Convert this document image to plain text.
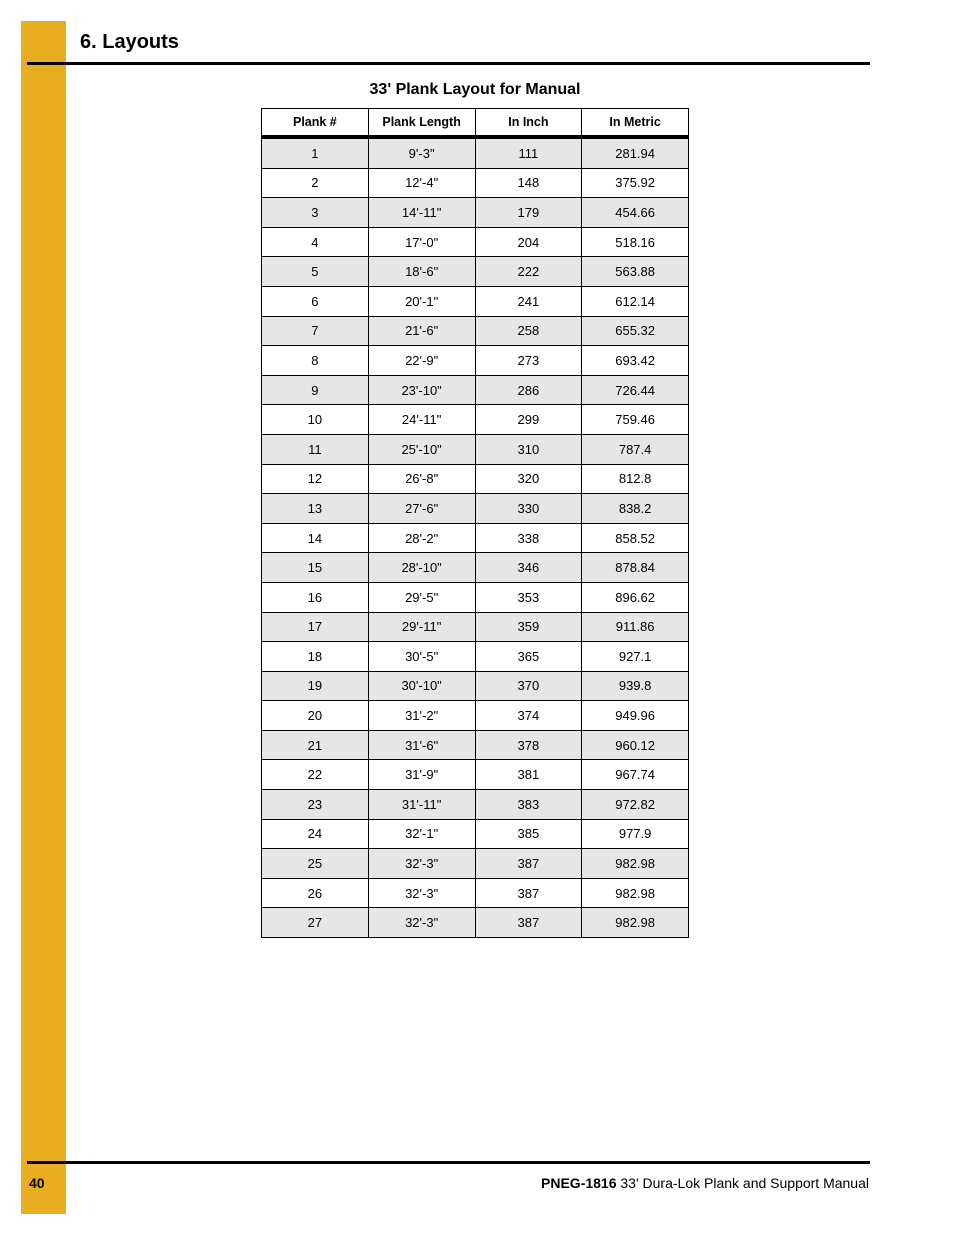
6. Layouts
33' Plank Layout for Manual
Plank #	Plank Length	In Inch	In Metric
1	9'-3"	111	281.94
2	12'-4"	148	375.92
3	14'-11"	179	454.66
4	17'-0"	204	518.16
5	18'-6"	222	563.88
6	20'-1"	241	612.14
7	21'-6"	258	655.32
8	22'-9"	273	693.42
9	23'-10"	286	726.44
10	24'-11"	299	759.46
11	25'-10"	310	787.4
12	26'-8"	320	812.8
13	27'-6"	330	838.2
14	28'-2"	338	858.52
15	28'-10"	346	878.84
16	29'-5"	353	896.62
17	29'-11"	359	911.86
18	30'-5"	365	927.1
19	30'-10"	370	939.8
20	31'-2"	374	949.96
21	31'-6"	378	960.12
22	31'-9"	381	967.74
23	31'-11"	383	972.82
24	32'-1"	385	977.9
25	32'-3"	387	982.98
26	32'-3"	387	982.98
27	32'-3"	387	982.98
40	PNEG-1816 33' Dura-Lok Plank and Support Manual
